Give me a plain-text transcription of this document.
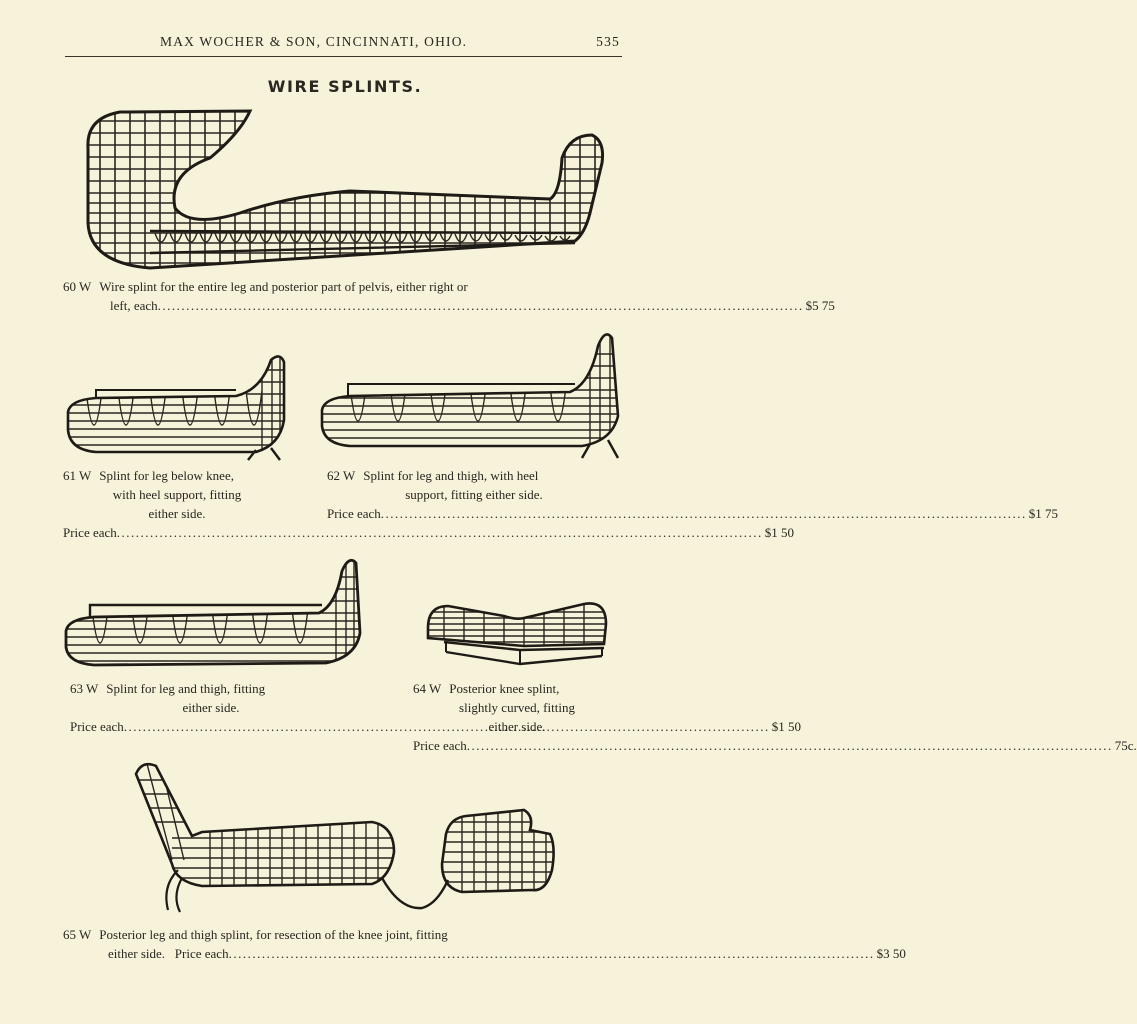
MAX WOCHER & SON, CINCINNATI, OHIO.	535
WIRE SPLINTS.
60 W Wire splint for the entire leg and posterior part of pelvis, either right or
left, each .....	$5 75
61 W Splint for leg below knee,
with heel support, fitting
either side.
Price each .....	$1 50
62 W Splint for leg and thigh, with heel
support, fitting either side.
Price each .....	$1 75
63 W Splint for leg and thigh, fitting
either side.
Price each .....	$1 50
64 W Posterior knee splint,
slightly curved, fitting
either side.
Price each .....	75c.
65 W Posterior leg and thigh splint, for resection of the knee joint, fitting
either side. Price each .....	$3 50
